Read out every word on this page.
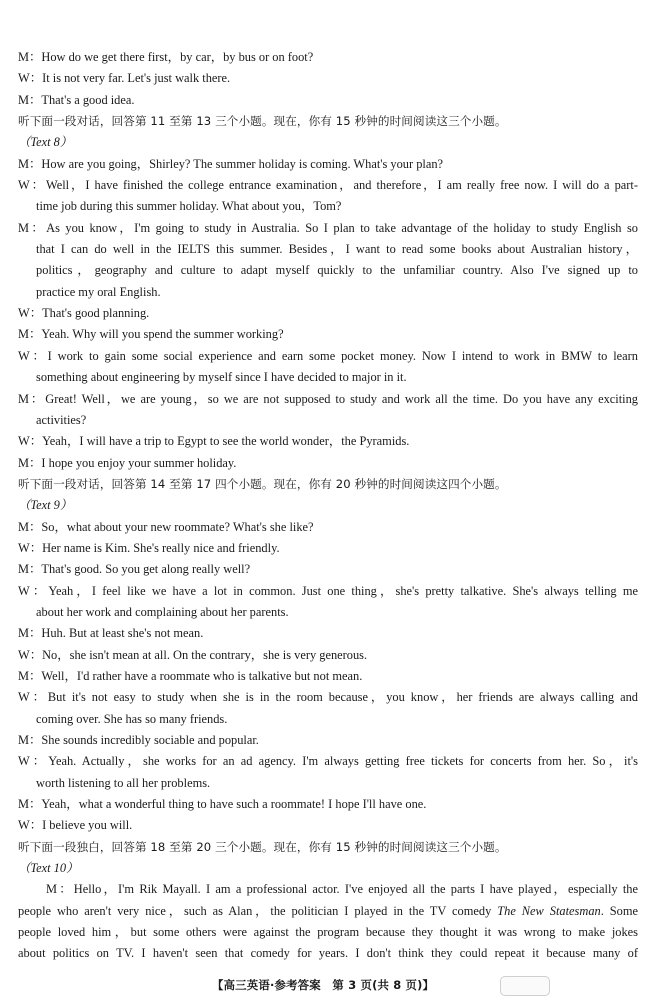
M：How do we get there first，by car，by bus or on foot?
W：It is not very far. Let's just walk there.
M：That's a good idea.
听下面一段对话，回答第 11 至第 13 三个小题。现在，你有 15 秒钟的时间阅读这三个小题。
（Text 8）
M：How are you going，Shirley? The summer holiday is coming. What's your plan?
W：Well，I have finished the college entrance examination，and therefore，I am really free now. I will do a part-
time job during this summer holiday. What about you，Tom?
M：As you know，I'm going to study in Australia. So I plan to take advantage of the holiday to study English so
that I can do well in the IELTS this summer. Besides，I want to read some books about Australian history，
politics，geography and culture to adapt myself quickly to the unfamiliar country. Also I've signed up to
practice my oral English.
W：That's good planning.
M：Yeah. Why will you spend the summer working?
W：I work to gain some social experience and earn some pocket money. Now I intend to work in BMW to learn
something about engineering by myself since I have decided to major in it.
M：Great! Well，we are young，so we are not supposed to study and work all the time. Do you have any exciting
activities?
W：Yeah，I will have a trip to Egypt to see the world wonder，the Pyramids.
M：I hope you enjoy your summer holiday.
听下面一段对话，回答第 14 至第 17 四个小题。现在，你有 20 秒钟的时间阅读这四个小题。
（Text 9）
M：So，what about your new roommate? What's she like?
W：Her name is Kim. She's really nice and friendly.
M：That's good. So you get along really well?
W：Yeah，I feel like we have a lot in common. Just one thing，she's pretty talkative. She's always telling me
about her work and complaining about her parents.
M：Huh. But at least she's not mean.
W：No，she isn't mean at all. On the contrary，she is very generous.
M：Well，I'd rather have a roommate who is talkative but not mean.
W：But it's not easy to study when she is in the room because，you know，her friends are always calling and
coming over. She has so many friends.
M：She sounds incredibly sociable and popular.
W：Yeah. Actually，she works for an ad agency. I'm always getting free tickets for concerts from her. So，it's
worth listening to all her problems.
M：Yeah，what a wonderful thing to have such a roommate! I hope I'll have one.
W：I believe you will.
听下面一段独白，回答第 18 至第 20 三个小题。现在，你有 15 秒钟的时间阅读这三个小题。
（Text 10）
M：Hello，I'm Rik Mayall. I am a professional actor. I've enjoyed all the parts I have played，especially the
people who aren't very nice，such as Alan，the politician I played in the TV comedy The New Statesman. Some
people loved him，but some others were against the program because they thought it was wrong to make jokes
about politics on TV. I haven't seen that comedy for years. I don't think they could repeat it because many of
【高三英语·参考答案　第 3 页(共 8 页)】
